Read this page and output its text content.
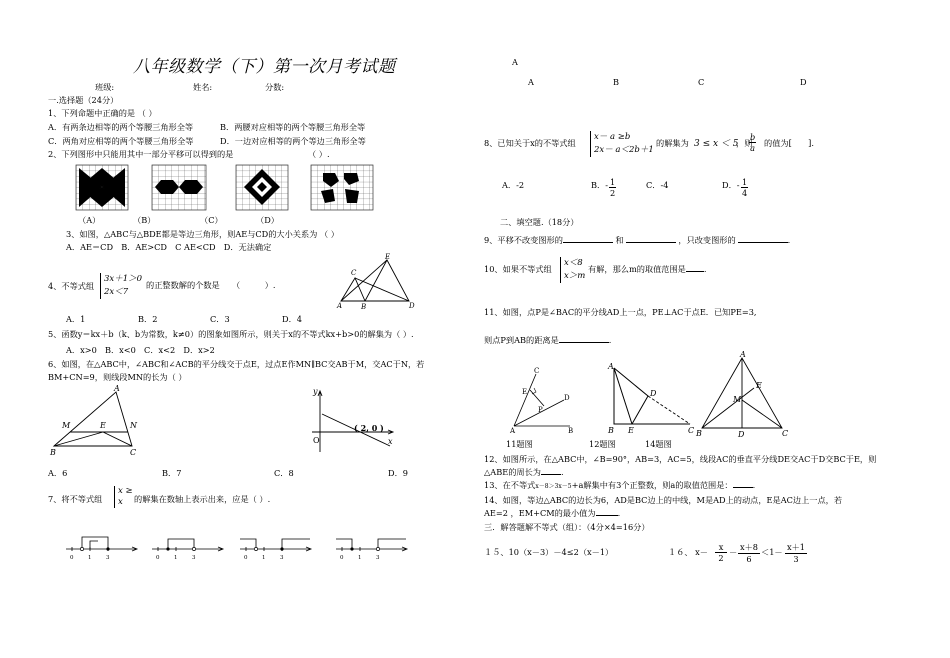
八年级数学（下）第一次月考试题
班级:	姓名:	分数:
一.选择题（24分）
1、下列命题中正确的是 （ ）
A．有两条边相等的两个等腰三角形全等	B．两腰对应相等的两个等腰三角形全等
C．两角对应相等的两个等腰三角形全等	D．一边对应相等的两个等边三角形全等
2、下列图形中只能用其中一部分平移可以得到的是	（ ）.
（A）	（B）	（C）	（D）
3、如图，△ABC与△BDE都是等边三角形，则AE与CD的大小关系为 （ ）
A．AE＝CD　B．AE>CD　C AE<CD　D．无法确定
4、不等式组
3x＋1＞0
2x＜7
的正整数解的个数是　　（　　　）.
A．1	B．2	C．3	D．4
A	B
C
D
E
5、函数y＝kx＋b（k、b为常数，k≠0）的图象如图所示，则关于x的不等式kx+b>0的解集为（ ）.
A．x>0　B．x<0　C．x<2　D．x>2
6、如图，在△ABC中，∠ABC和∠ACB的平分线交于点E，过点E作MN∥BC交AB于M，交AC于N，若
BM+CN=9，则线段MN的长为（ ）
A
M	E	N
B	C
y
x
O
( 2, 0 )
A．6	B．7	C．8	D．9
7、将不等式组
x ≥
x	的解集在数轴上表示出来，应是（ ）.
0	1	3	0	1	3	0	1	3	0	1	3
A
A	B	C	D
8、已知关于x的不等式组
x－ a ≥b
2x－ a＜2b＋1
的解集为 3 ≤ x ＜ 5
，则
$\frac{b}{a}$ 的值为[　　].
A．-2	B．- $\frac{1}{2}$	C．-4	D．- $\frac{1}{4}$
二、填空题.（18分）
9、平移不改变图形的	和	，只改变图形的	.
10、如果不等式组
x＜8
x＞m
有解，那么m的取值范围是 .
11、如图，点P是∠BAC的平分线AD上一点，PE⊥AC于点E．已知PE=3,
则点P到AB的距离是	.
C
E
P
D
A	B
A
D
B E	C
A
M
E
B	D	C
11题图	12题图	14题图
12、如图所示，在△ABC中，∠B=90°，AB=3，AC=5，线段AC的垂直平分线DE交AC于D交BC于E，则
△ABE的周长为 .
13、在不等式x－8＞3x－5+a解集中有3个正整数，则a的取值范围是： .
14、如图，等边△ABC的边长为6，AD是BC边上的中线，M是AD上的动点，E是AC边上一点，若
AE=2 ，EM+CM的最小值为	.
三．解答题解不等式（组）：（4分×4=16分）
１５、10（x－3）－4≤2（x－1）	１６、 $x- \frac{x}{2} - \frac{x+8}{6} <1- \frac{x+1}{3}$
